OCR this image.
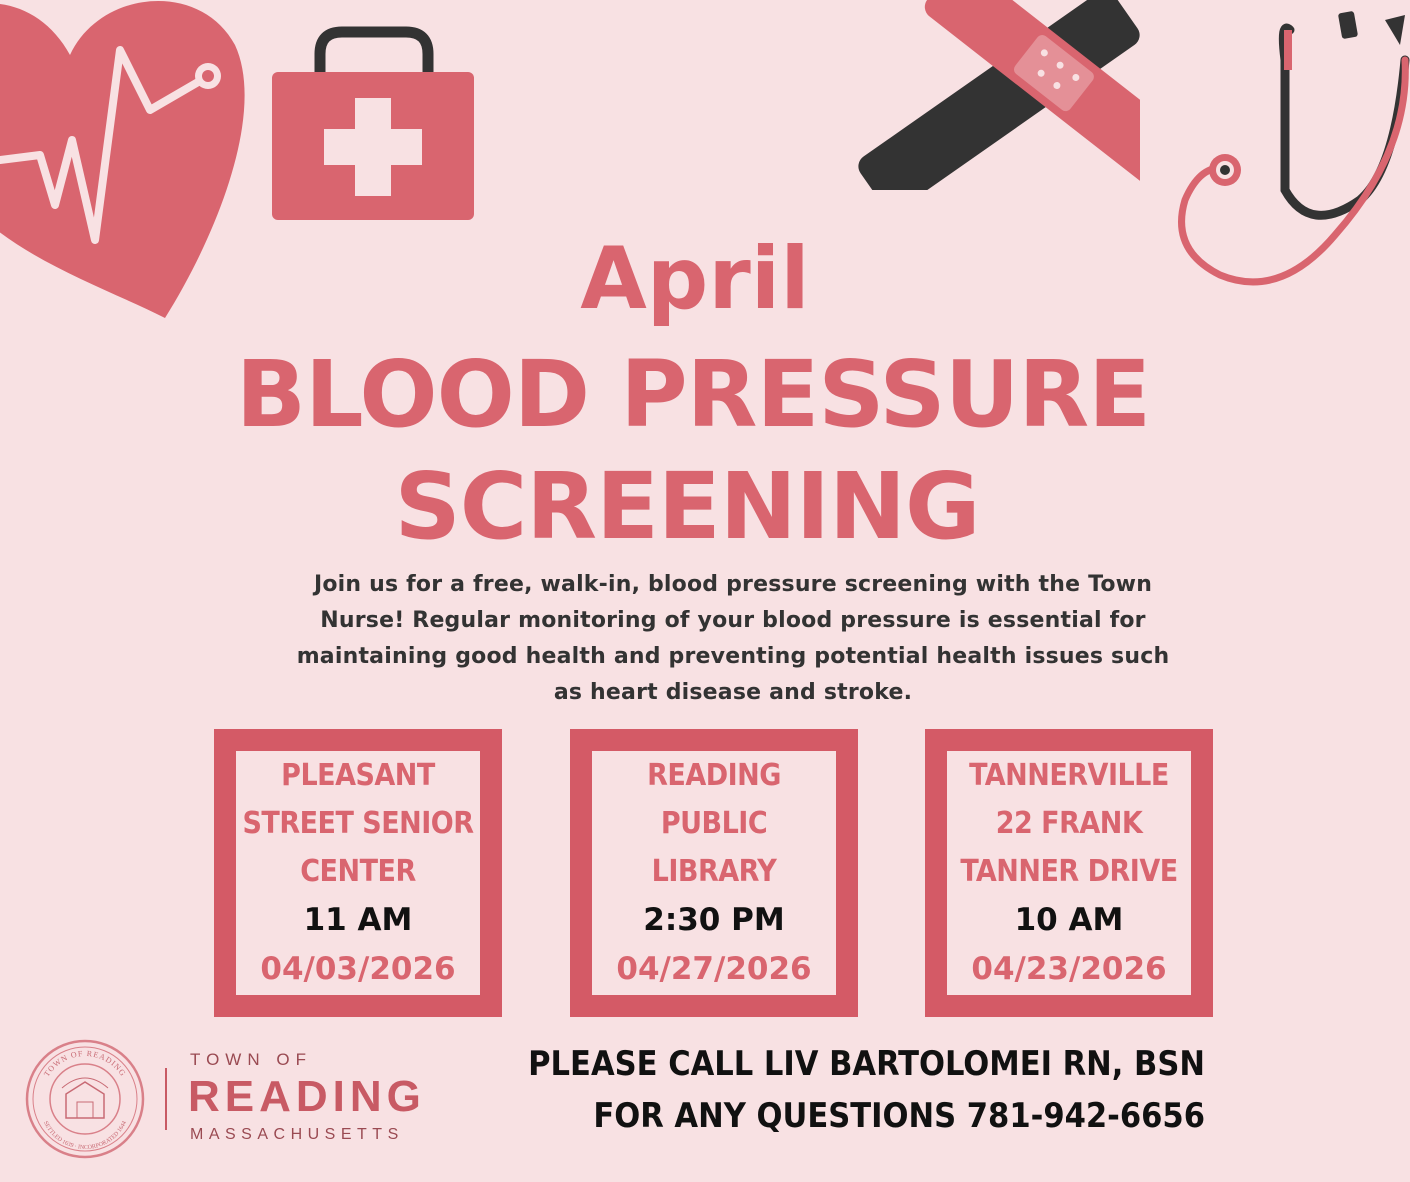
April
BLOOD PRESSURE
SCREENING

Join us for a free, walk-in, blood pressure screening with the Town Nurse! Regular monitoring of your blood pressure is essential for maintaining good health and preventing potential health issues such as heart disease and stroke.

PLEASANT
STREET SENIOR
CENTER
11 AM
04/03/2026
READING
PUBLIC
LIBRARY
2:30 PM
04/27/2026
TANNERVILLE
22 FRANK
TANNER DRIVE
10 AM
04/23/2026
TOWN OF READING
SETTLED 1639 · INCORPORATED 1644
TOWN OF
READING
MASSACHUSETTS

PLEASE CALL LIV BARTOLOMEI RN, BSN
FOR ANY QUESTIONS 781-942-6656
